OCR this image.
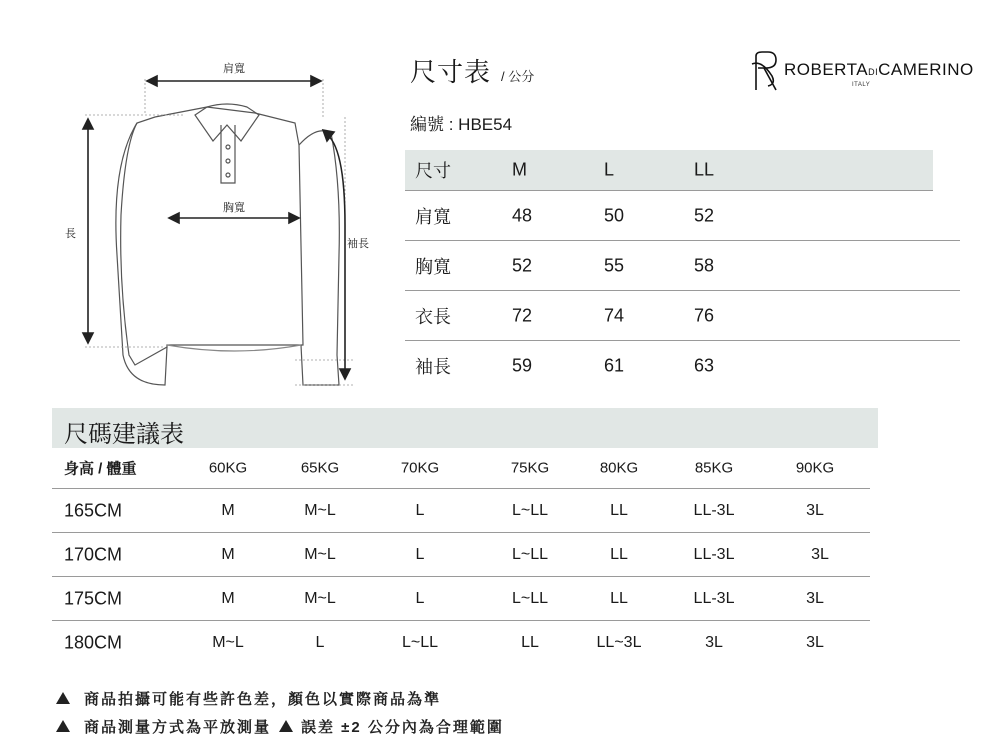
肩寬
胸寬
長
袖長
尺寸表 / 公分
編號 : HBE54
ROBERTADICAMERINO
ITALY
尺寸	M	L	LL
肩寬	48	50	52
胸寬	52	55	58
衣長	72	74	76
袖長	59	61	63
尺碼建議表
身高 / 體重	60KG	65KG	70KG	75KG	80KG	85KG	90KG
165CM	M	M~L	L	L~LL	LL	LL-3L	3L
170CM	M	M~L	L	L~LL	LL	LL-3L	3L
175CM	M	M~L	L	L~LL	LL	LL-3L	3L
180CM	M~L	L	L~LL	LL	LL~3L	3L	3L
商品拍攝可能有些許色差，顏色以實際商品為準
商品測量方式為平放測量 誤差 ±2 公分內為合理範圍
